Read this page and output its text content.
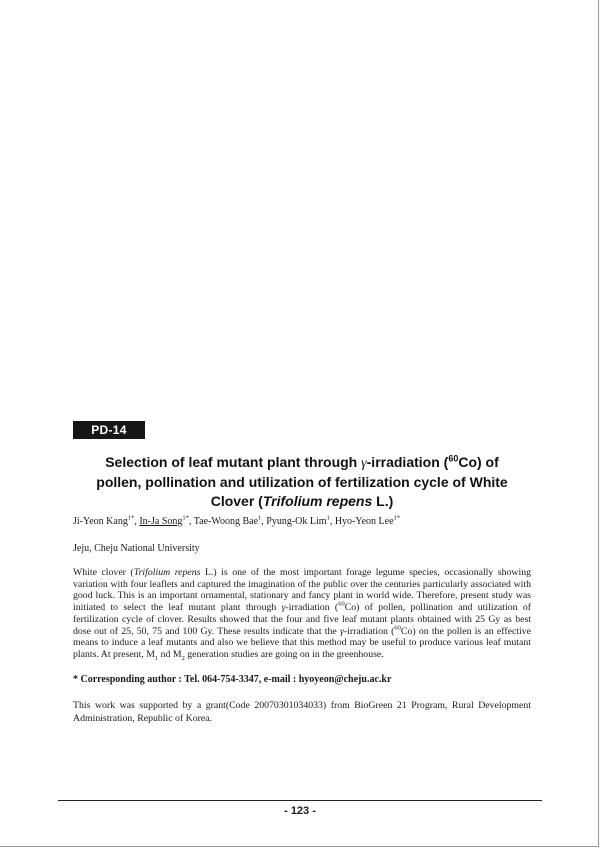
PD-14
Selection of leaf mutant plant through γ-irradiation ($^{60}$Co) of
pollen, pollination and utilization of fertilization cycle of White
Clover (Trifolium repens L.)
Ji-Yeon Kang$^{1*}$, In-Ja Song$^{1*}$, Tae-Woong Bae$^1$, Pyung-Ok Lim$^1$, Hyo-Yeon Lee$^{1*}$
Jeju, Cheju National University

White clover (Trifolium repens L.) is one of the most important forage legume species, occasionally showing variation with four leaflets and captured the imagination of the public over the centuries particularly associated with good luck. This is an important ornamental, stationary and fancy plant in world wide. Therefore, present study was initiated to select the leaf mutant plant through γ-irradiation ($^{60}$Co) of pollen, pollination and utilization of fertilization cycle of clover. Results showed that the four and five leaf mutant plants obtained with 25 Gy as best dose out of 25, 50, 75 and 100 Gy. These results indicate that the γ-irradiation ($^{60}$Co) on the pollen is an effective means to induce a leaf mutants and also we believe that this method may be useful to produce various leaf mutant plants. At present, $M_1$ nd $M_2$ generation studies are going on in the greenhouse.

* Corresponding author : Tel. 064-754-3347, e-mail : hyoyeon@cheju.ac.kr

This work was supported by a grant(Code 20070301034033) from BioGreen 21 Program, Rural Development Administration, Republic of Korea.

- 123 -
